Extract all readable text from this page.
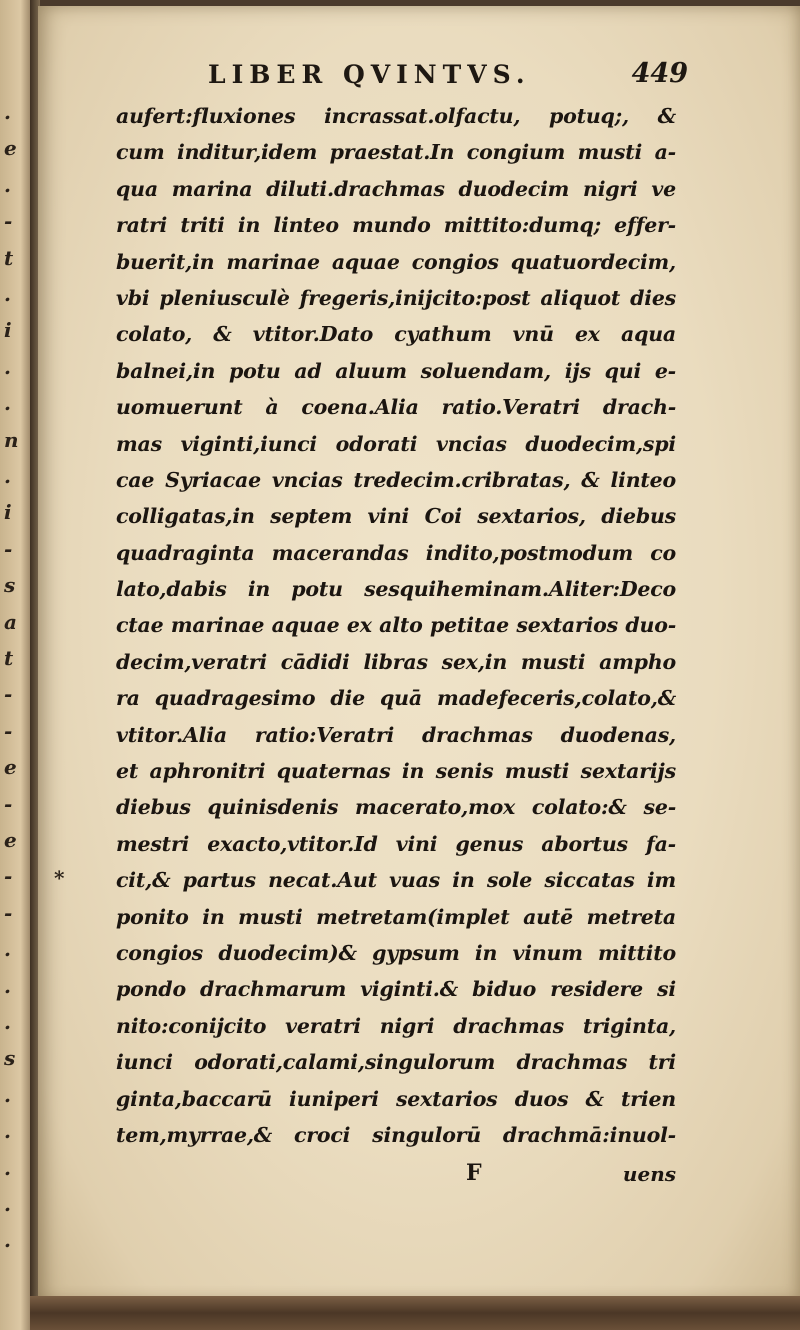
.
e
.
-
t
.
i
.
.
n
.
i
-
s
a
t
-
-
e
-
e
-
-
.
.
.
s
.
.
.
.
.
LIBER QVINTVS.	449
aufert:fluxiones incrassat.olfactu, potuq;, &
cum inditur,idem praestat.In congium musti a-
qua marina diluti.drachmas duodecim nigri ve
ratri triti in linteo mundo mittito:dumq; effer-
buerit,in marinae aquae congios quatuordecim,
vbi pleniusculè fregeris,inijcito:post aliquot dies
colato, & vtitor.Dato cyathum vnū ex aqua
balnei,in potu ad aluum soluendam, ijs qui e-
uomuerunt à coena.Alia ratio.Veratri drach-
mas viginti,iunci odorati vncias duodecim,spi
cae Syriacae vncias tredecim.cribratas, & linteo
colligatas,in septem vini Coi sextarios, diebus
quadraginta macerandas indito,postmodum co
lato,dabis in potu sesquiheminam.Aliter:Deco
ctae marinae aquae ex alto petitae sextarios duo-
decim,veratri cādidi libras sex,in musti ampho
ra quadragesimo die quā madefeceris,colato,&
vtitor.Alia ratio:Veratri drachmas duodenas,
et aphronitri quaternas in senis musti sextarijs
diebus quinisdenis macerato,mox colato:& se-
mestri exacto,vtitor.Id vini genus abortus fa-
cit,& partus necat.Aut vuas in sole siccatas im
ponito in musti metretam(implet autē metreta
congios duodecim)& gypsum in vinum mittito
pondo drachmarum viginti.& biduo residere si
nito:conijcito veratri nigri drachmas triginta,
iunci odorati,calami,singulorum drachmas tri
ginta,baccarū iuniperi sextarios duos & trien
tem,myrrae,& croci singulorū drachmā:inuol-
*
F	uens
